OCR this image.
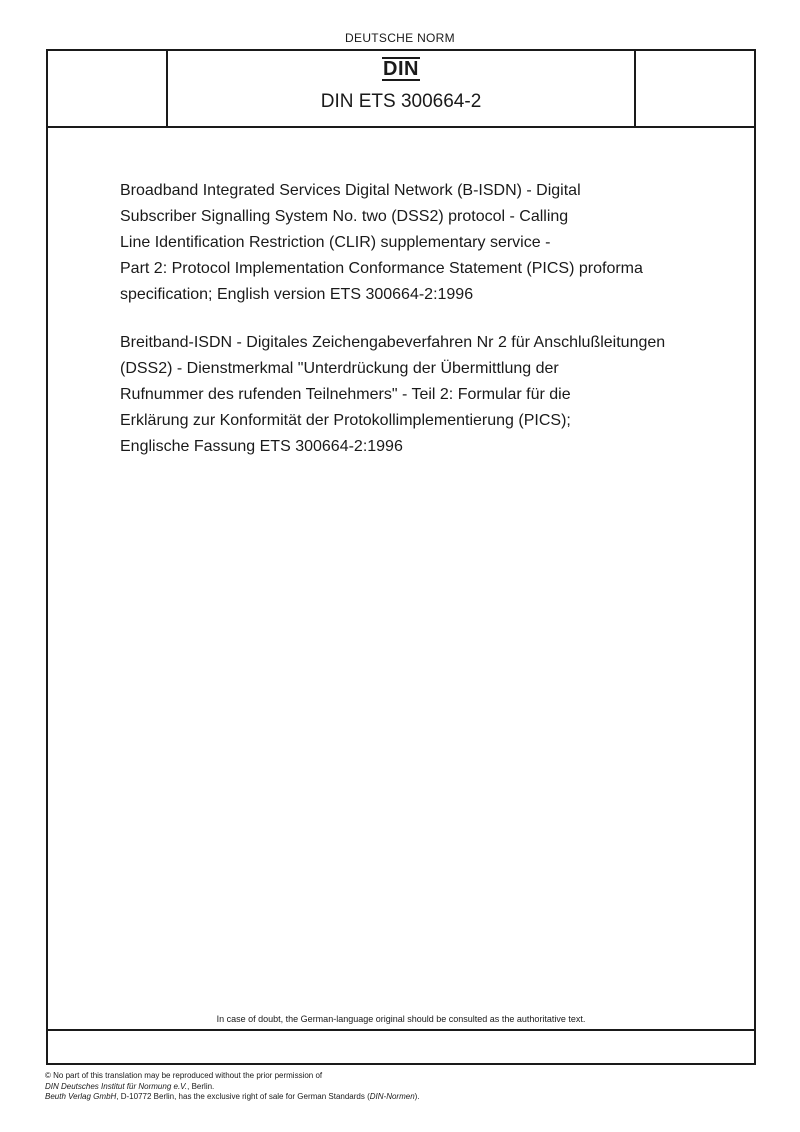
DEUTSCHE NORM
DIN
DIN ETS 300664-2

Broadband Integrated Services Digital Network (B-ISDN) - Digital
Subscriber Signalling System No. two (DSS2) protocol - Calling
Line Identification Restriction (CLIR) supplementary service -
Part 2: Protocol Implementation Conformance Statement (PICS) proforma
specification; English version ETS 300664-2:1996

Breitband-ISDN - Digitales Zeichengabeverfahren Nr 2 für Anschlußleitungen
(DSS2) - Dienstmerkmal "Unterdrückung der Übermittlung der
Rufnummer des rufenden Teilnehmers" - Teil 2: Formular für die
Erklärung zur Konformität der Protokollimplementierung (PICS);
Englische Fassung ETS 300664-2:1996

In case of doubt, the German-language original should be consulted as the authoritative text.
© No part of this translation may be reproduced without the prior permission of
DIN Deutsches Institut für Normung e.V., Berlin.
Beuth Verlag GmbH, D-10772 Berlin, has the exclusive right of sale for German Standards (DIN-Normen).
